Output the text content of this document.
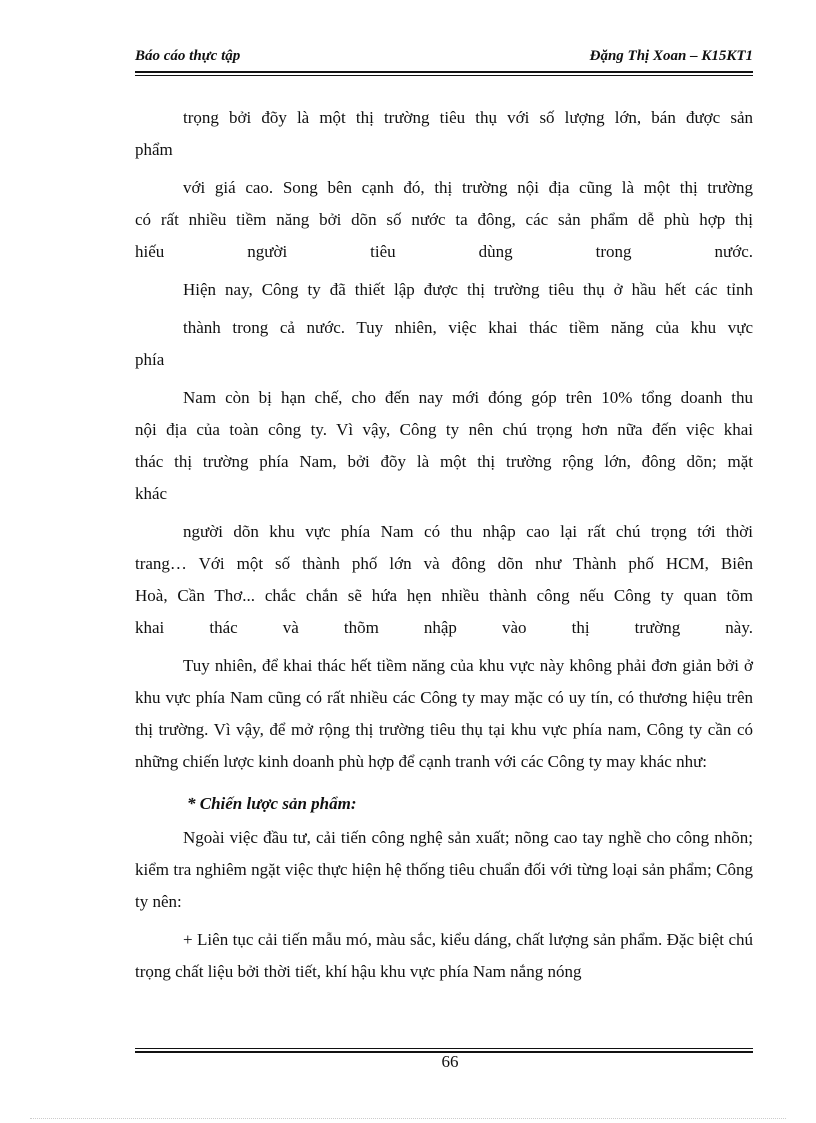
Báo cáo thực tập	Đặng Thị Xoan – K15KT1

trọng bởi đõy là một thị trường tiêu thụ với số lượng lớn, bán được sản

phẩm

với giá cao. Song bên cạnh đó, thị trường nội địa cũng là một thị trường

có rất nhiều tiềm năng bởi dõn số nước ta đông, các sản phẩm dễ phù hợp thị

hiếu người tiêu dùng trong nước.

Hiện nay, Công ty đã thiết lập được thị trường tiêu thụ ở hầu hết các tỉnh

thành trong cả nước. Tuy nhiên, việc khai thác tiềm năng của khu vực

phía

Nam còn bị hạn chế, cho đến nay mới đóng góp trên 10% tổng doanh thu

nội địa của toàn công ty. Vì vậy, Công ty nên chú trọng hơn nữa đến việc khai

thác thị trường phía Nam, bởi đõy là một thị trường rộng lớn, đông dõn; mặt

khác

người dõn khu vực phía Nam có thu nhập cao lại rất chú trọng tới thời

trang… Với một số thành phố lớn và đông dõn như Thành phố HCM, Biên

Hoà, Cần Thơ... chắc chắn sẽ hứa hẹn nhiều thành công nếu Công ty quan tõm

khai thác và thõm nhập vào thị trường này.

Tuy nhiên, để khai thác hết tiềm năng của khu vực này không phải đơn giản bởi ở khu vực phía Nam cũng có rất nhiều các Công ty may mặc có uy tín, có thương hiệu trên thị trường. Vì vậy, để mở rộng thị trường tiêu thụ tại khu vực phía nam, Công ty cần có những chiến lược kinh doanh phù hợp để cạnh tranh với các Công ty may khác như:

* Chiến lược sản phẩm:

Ngoài việc đầu tư, cải tiến công nghệ sản xuất; nõng cao tay nghề cho công nhõn; kiểm tra nghiêm ngặt việc thực hiện hệ thống tiêu chuẩn đối với từng loại sản phẩm; Công ty nên:

+ Liên tục cải tiến mẫu mó, màu sắc, kiểu dáng, chất lượng sản phẩm. Đặc biệt chú trọng chất liệu bởi thời tiết, khí hậu khu vực phía Nam nắng nóng

66
